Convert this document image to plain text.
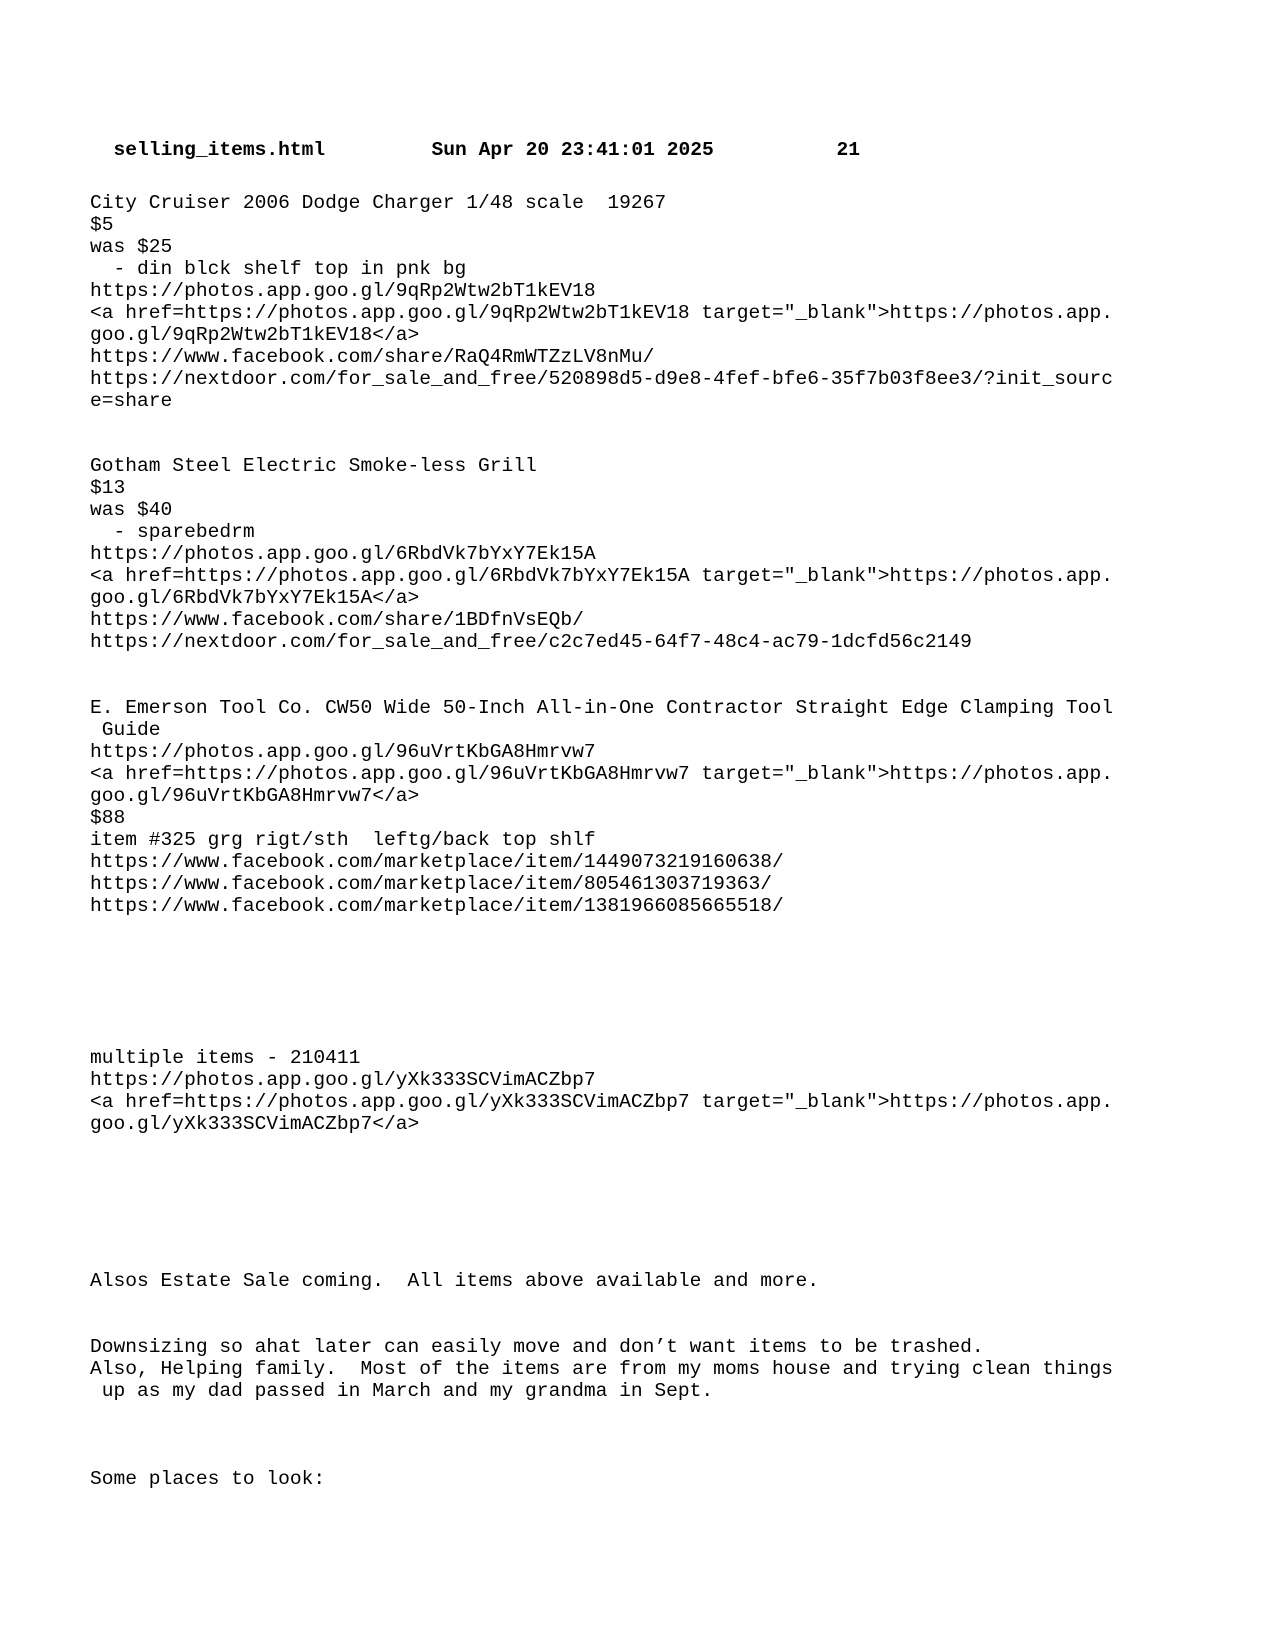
selling_items.html	Sun Apr 20 23:41:01 2025	21

City Cruiser 2006 Dodge Charger 1/48 scale  19267

$5

was $25

- din blck shelf top in pnk bg

https://photos.app.goo.gl/9qRp2Wtw2bT1kEV18

<a href=https://photos.app.goo.gl/9qRp2Wtw2bT1kEV18 target="_blank">https://photos.app.

goo.gl/9qRp2Wtw2bT1kEV18</a>

https://www.facebook.com/share/RaQ4RmWTZzLV8nMu/

https://nextdoor.com/for_sale_and_free/520898d5-d9e8-4fef-bfe6-35f7b03f8ee3/?init_sourc

e=share

Gotham Steel Electric Smoke-less Grill

$13

was $40

- sparebedrm

https://photos.app.goo.gl/6RbdVk7bYxY7Ek15A

<a href=https://photos.app.goo.gl/6RbdVk7bYxY7Ek15A target="_blank">https://photos.app.

goo.gl/6RbdVk7bYxY7Ek15A</a>

https://www.facebook.com/share/1BDfnVsEQb/

https://nextdoor.com/for_sale_and_free/c2c7ed45-64f7-48c4-ac79-1dcfd56c2149

E. Emerson Tool Co. CW50 Wide 50-Inch All-in-One Contractor Straight Edge Clamping Tool

Guide

https://photos.app.goo.gl/96uVrtKbGA8Hmrvw7

<a href=https://photos.app.goo.gl/96uVrtKbGA8Hmrvw7 target="_blank">https://photos.app.

goo.gl/96uVrtKbGA8Hmrvw7</a>

$88

item #325 grg rigt/sth  leftg/back top shlf

https://www.facebook.com/marketplace/item/1449073219160638/

https://www.facebook.com/marketplace/item/805461303719363/

https://www.facebook.com/marketplace/item/1381966085665518/

multiple items - 210411

https://photos.app.goo.gl/yXk333SCVimACZbp7

<a href=https://photos.app.goo.gl/yXk333SCVimACZbp7 target="_blank">https://photos.app.

goo.gl/yXk333SCVimACZbp7</a>

Alsos Estate Sale coming.  All items above available and more.

Downsizing so ahat later can easily move and don’t want items to be trashed.

Also, Helping family.  Most of the items are from my moms house and trying clean things

up as my dad passed in March and my grandma in Sept.

Some places to look:
